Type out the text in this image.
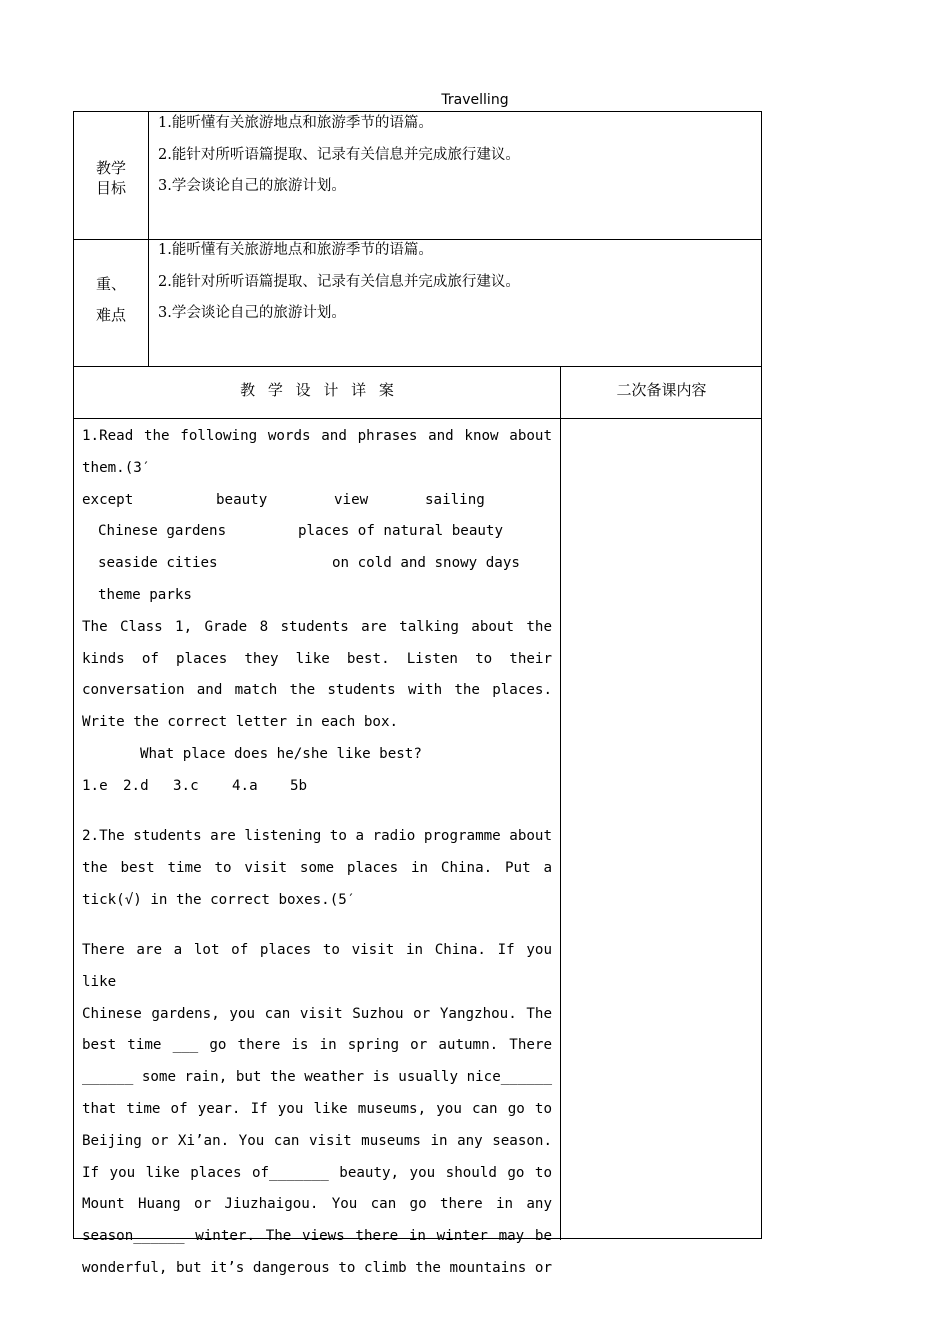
Travelling
教学
目标
1.能听懂有关旅游地点和旅游季节的语篇。
2.能针对所听语篇提取、记录有关信息并完成旅行建议。
3.学会谈论自己的旅游计划。
重、
难点
1.能听懂有关旅游地点和旅游季节的语篇。
2.能针对所听语篇提取、记录有关信息并完成旅行建议。
3.学会谈论自己的旅游计划。
教 学 设 计 详 案	二次备课内容

1.Read the following words and phrases and know about

them.(3′

except	beauty	view	sailing

Chinese gardens	places of natural beauty

seaside cities	on cold and snowy days

theme parks

The Class 1, Grade 8 students are talking about the

kinds of places they like best. Listen to their

conversation and match the students with the places.

Write the correct letter in each box.

What place does he/she like best?

1.e 2.d 3.c 4.a 5b

2.The students are listening to a radio programme about

the best time to visit some places in China. Put a

tick(√) in the correct boxes.(5′

There are a lot of places to visit in China. If you like

Chinese gardens, you can visit Suzhou or Yangzhou. The

best time ___ go there is in spring or autumn. There

______ some rain, but the weather is usually nice______

that time of year. If you like museums, you can go to

Beijing or Xi’an. You can visit museums in any season.

If you like places of_______ beauty, you should go to

Mount Huang or Jiuzhaigou. You can go there in any

season______ winter. The views there in winter may be

wonderful, but it’s dangerous to climb the mountains or
